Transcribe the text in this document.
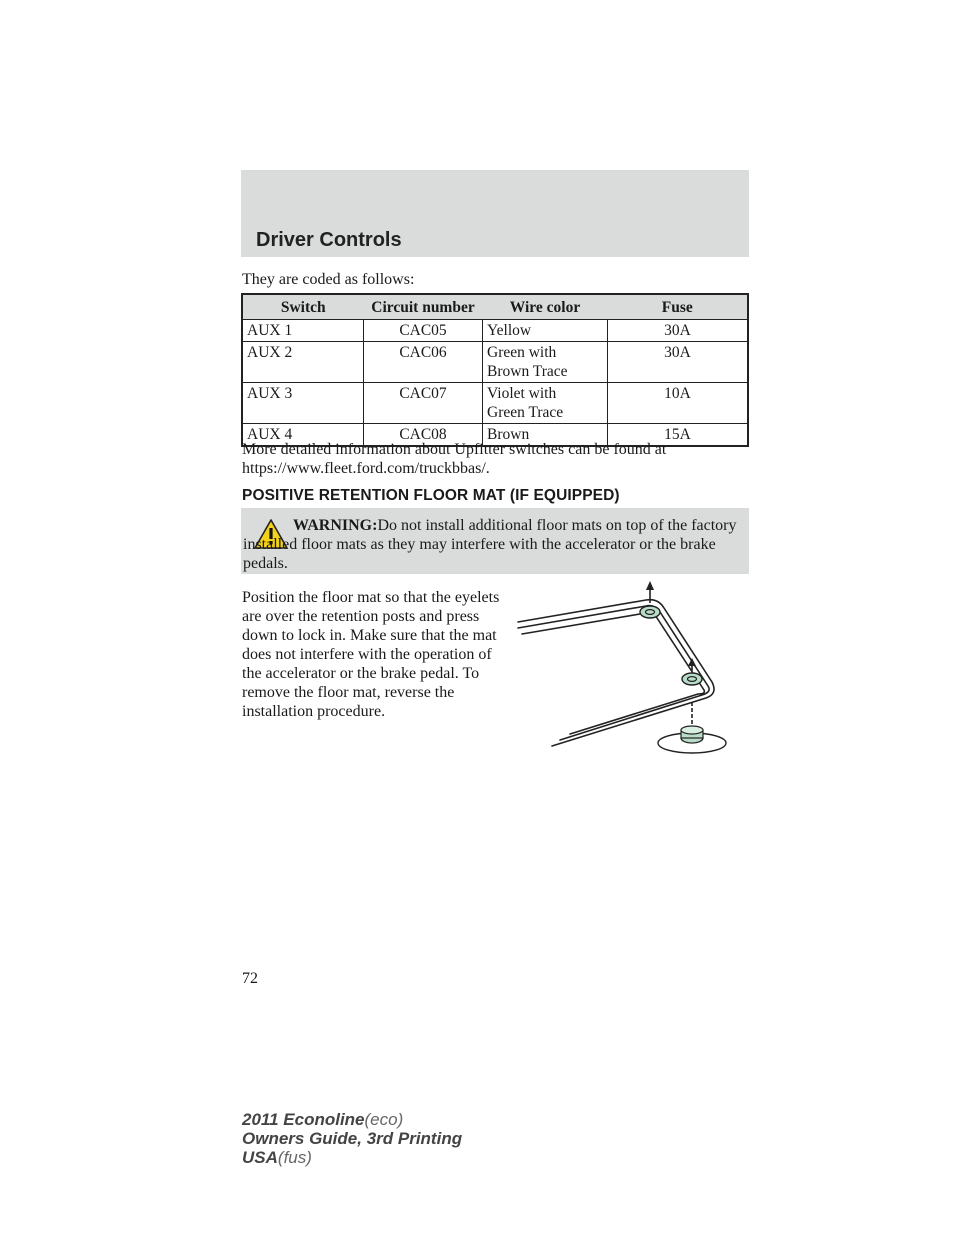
Driver Controls
They are coded as follows:
Switch	Circuit number	Wire color	Fuse
AUX 1	CAC05	Yellow	30A
AUX 2	CAC06	Green with
Brown Trace	30A
AUX 3	CAC07	Violet with
Green Trace	10A
AUX 4	CAC08	Brown	15A
More detailed information about Upfitter switches can be found at https://www.fleet.ford.com/truckbbas/.
POSITIVE RETENTION FLOOR MAT (IF EQUIPPED)
WARNING:Do not install additional floor mats on top of the factory installed floor mats as they may interfere with the accelerator or the brake pedals.
Position the floor mat so that the eyelets are over the retention posts and press down to lock in. Make sure that the mat does not interfere with the operation of the accelerator or the brake pedal. To remove the floor mat, reverse the installation procedure.
72
2011 Econoline(eco)
Owners Guide, 3rd Printing
USA(fus)
